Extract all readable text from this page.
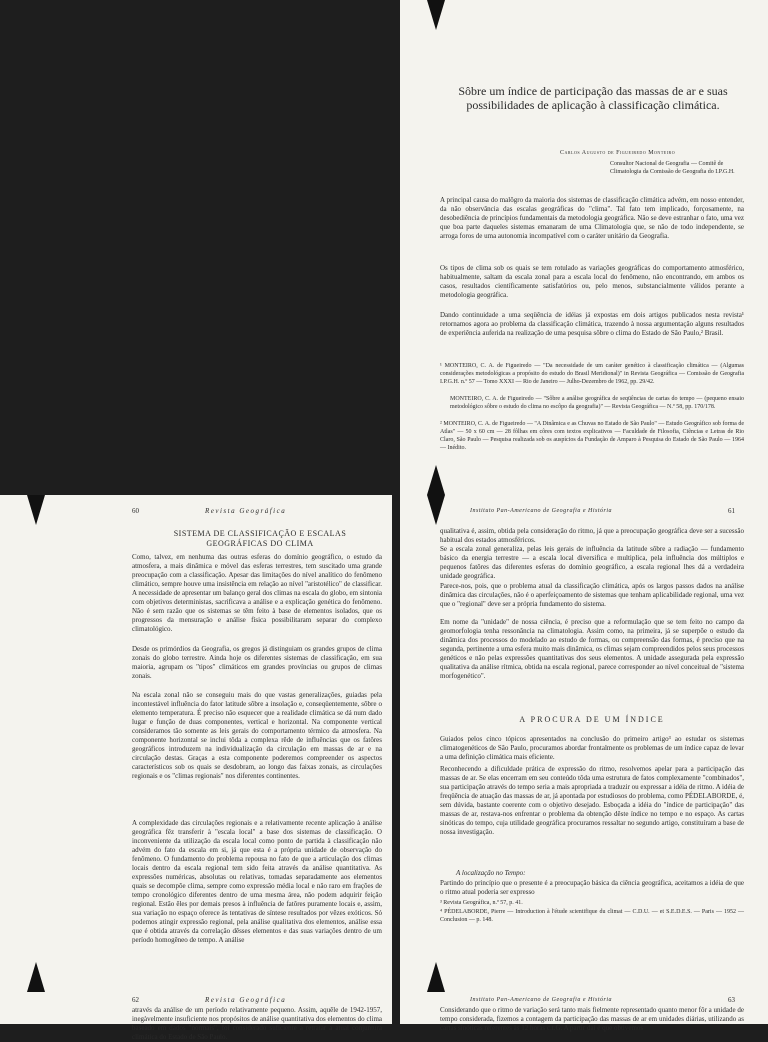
Sôbre um índice de participação das massas de ar e suas possibilidades de aplicação à classificação climática.
Carlos Augusto de Figueiredo Monteiro
Consultor Nacional de Geografia — Comitê de Climatologia da Comissão de Geografia do I.P.G.H.
A principal causa do malôgro da maioria dos sistemas de classificação climática advém, em nosso entender, da não observância das escalas geográficas do "clima". Tal fato tem implicado, forçosamente, na desobediência de princípios fundamentais da metodologia geográfica. Não se deve estranhar o fato, uma vez que boa parte daqueles sistemas emanaram de uma Climatologia que, se não de todo independente, se arroga foros de uma autonomia incompatível com o caráter unitário da Geografia.
Os tipos de clima sob os quais se tem rotulado as variações geográficas do comportamento atmosférico, habitualmente, saltam da escala zonal para a escala local do fenômeno, não encontrando, em ambos os casos, resultados científicamente satisfatórios ou, pelo menos, substancialmente válidos perante a metodologia geográfica.
Dando continuidade a uma seqüência de idéias já expostas em dois artigos publicados nesta revista¹ retornamos agora ao problema da classificação climática, trazendo à nossa argumentação alguns resultados de experiência auferida na realização de uma pesquisa sôbre o clima do Estado de São Paulo,² Brasil.
¹ MONTEIRO, C. A. de Figueiredo — "Da necessidade de um caráter genético à classificação climática — (Algumas considerações metodológicas a propósito do estudo do Brasil Meridional)" in Revista Geográfica — Comissão de Geografia I.P.G.H. n.º 57 — Tomo XXXI — Rio de Janeiro — Julho-Dezembro de 1962, pp. 29/42.
MONTEIRO, C. A. de Figueiredo — "Sôbre a análise geográfica de seqüências de cartas do tempo — (pequeno ensaio metodológico sôbre o estudo do clima no escôpo da geografia)" — Revista Geográfica — N.º 58, pp. 170/178.
² MONTEIRO, C. A. de Figueiredo — "A Dinâmica e as Chuvas no Estado de São Paulo" — Estudo Geográfico sob forma de Atlas" — 50 x 60 cm — 28 fôlhas em côres com textos explicativos — Faculdade de Filosofia, Ciências e Letras de Rio Claro, São Paulo — Pesquisa realizada sob os auspícios da Fundação de Amparo à Pesquisa do Estado de São Paulo — 1964 — Inédito.
60	Revista Geográfica
SISTEMA DE CLASSIFICAÇÃO E ESCALAS GEOGRÁFICAS DO CLIMA
Como, talvez, em nenhuma das outras esferas do domínio geográfico, o estudo da atmosfera, a mais dinâmica e móvel das esferas terrestres, tem suscitado uma grande preocupação com a classificação. Apesar das limitações do nível analítico do fenômeno climático, sempre houve uma insistência em relação ao nível "aristotélico" de classificar. A necessidade de apresentar um balanço geral dos climas na escala do globo, em sintonia com objetivos deterministas, sacrificava a análise e a explicação genética do fenômeno. Não é sem razão que os sistemas se têm feito à base de elementos isolados, que os progressos da mensuração e análise física possibilitaram separar do complexo climatológico.
Desde os primórdios da Geografia, os gregos já distinguiam os grandes grupos de clima zonais do globo terrestre. Ainda hoje os diferentes sistemas de classificação, em sua maioria, agrupam os "tipos" climáticos em grandes províncias ou grupos de climas zonais.
Na escala zonal não se conseguiu mais do que vastas generalizações, guiadas pela incontestável influência do fator latitude sôbre a insolação e, conseqüentemente, sôbre o elemento temperatura. É preciso não esquecer que a realidade climática se dá num dado lugar e função de duas componentes, vertical e horizontal. Na componente vertical consideramos tão somente as leis gerais do comportamento térmico da atmosfera. Na componente horizontal se inclui tôda a complexa rêde de influências que os fatôres geográficos introduzem na individualização da circulação em massas de ar e na circulação destas. Graças a esta componente poderemos compreender os aspectos característicos sob os quais se desdobram, ao longo das faixas zonais, as circulações regionais e os "climas regionais" nos diferentes continentes.
A complexidade das circulações regionais e a relativamente recente aplicação à análise geográfica fêz transferir à "escala local" a base dos sistemas de classificação. O inconveniente da utilização da escala local como ponto de partida à classificação não advém do fato da escala em si, já que esta é a própria unidade de observação do fenômeno. O fundamento do problema repousa no fato de que a articulação dos climas locais dentro da escala regional tem sido feita através da análise quantitativa. As expressões numéricas, absolutas ou relativas, tomadas separadamente aos elementos quais se decompõe clima, sempre como expressão média local e não raro em frações de tempo cronológico diferentes dentro de uma mesma área, não podem adquirir feição regional. Estão êles por demais presos à influência de fatôres puramente locais e, assim, sua variação no espaço oferece às tentativas de síntese resultados por vêzes exóticos. Só podemos atingir expressão regional, pela análise qualitativa dos elementos, análise essa que é obtida através da correlação dêsses elementos e das suas variações dentro de um período homogêneo de tempo. A análise
Instituto Pan-Americano de Geografia e História	61
qualitativa é, assim, obtida pela consideração do ritmo, já que a preocupação geográfica deve ser a sucessão habitual dos estados atmosféricos.
Se a escala zonal generaliza, pelas leis gerais de influência da latitude sôbre a radiação — fundamento básico da energia terrestre — a escala local diversifica e multiplica, pela influência dos múltiplos e pequenos fatôres das diferentes esferas do domínio geográfico, a escala regional lhes dá a verdadeira unidade geográfica.
Parece-nos, pois, que o problema atual da classificação climática, após os largos passos dados na análise dinâmica das circulações, não é o aperfeiçoamento de sistemas que tenham aplicabilidade regional, uma vez que o "regional" deve ser a própria fundamento do sistema.
Em nome da "unidade" de nossa ciência, é preciso que a reformulação que se tem feito no campo da geomorfologia tenha ressonância na climatologia. Assim como, na primeira, já se superpõe o estudo da dinâmica dos processos do modelado ao estudo de formas, ou compreensão das formas, é preciso que na segunda, pertinente a uma esfera muito mais dinâmica, os climas sejam compreendidos pelos seus processos genéticos e não pelas expressões quantitativas dos seus elementos. A unidade assegurada pela expressão qualitativa da análise rítmica, obtida na escala regional, parece corresponder ao nível conceitual de "sistema morfogenético".
A PROCURA DE UM ÍNDICE
Guiados pelos cinco tópicos apresentados na conclusão do primeiro artigo³ ao estudar os sistemas climatogenéticos de São Paulo, procuramos abordar frontalmente os problemas de um índice capaz de levar a uma definição climática mais eficiente.
Reconhecendo a dificuldade prática de expressão do ritmo, resolvemos apelar para a participação das massas de ar. Se elas encerram em seu conteúdo tôda uma estrutura de fatos complexamente "combinados", sua participação através do tempo seria a mais apropriada a traduzir ou expressar a idéia de ritmo. A idéia de freqüência de atuação das massas de ar, já apontada por estudiosos do problema, como PÉDELABORDE, é, sem dúvida, bastante coerente com o objetivo desejado. Esboçada a idéia do "índice de participação" das massas de ar, restava-nos enfrentar o problema da obtenção dêste índice no tempo e no espaço. As cartas sinóticas do tempo, cuja utilidade geográfica procuramos ressaltar no segundo artigo, constituíram a base de nossa investigação.
A localização no Tempo:
Partindo do princípio que o presente é a preocupação básica da ciência geográfica, aceitamos a idéia de que o ritmo atual poderia ser expresso
³ Revista Geográfica, n.º 57, p. 41.
⁴ PÉDELABORDE, Pierre — Introduction à l'étude scientifique du climat — C.D.U. — et S.E.D.E.S. — Paris — 1952 — Conclusion — p. 148.
62	Revista Geográfica
através da análise de um período relativamente pequeno. Assim, aquêle de 1942-1957, inegàvelmente insuficiente nos propósitos de análise quantitativa dos elementos do clima baseado em dados "normais", foi considerado suficiente a retratar a atual conjuntura climática do Estado de São Paulo.
Instituto Pan-Americano de Geografia e História	63
Considerando que o ritmo de variação será tanto mais fielmente representado quanto menor fôr a unidade de tempo considerada, fizemos a contagem da participação das massas de ar em unidades diárias, utilizando as cartas sinóticas referentes às 12 horas c.t.G. A partir daí é que obtivemos
